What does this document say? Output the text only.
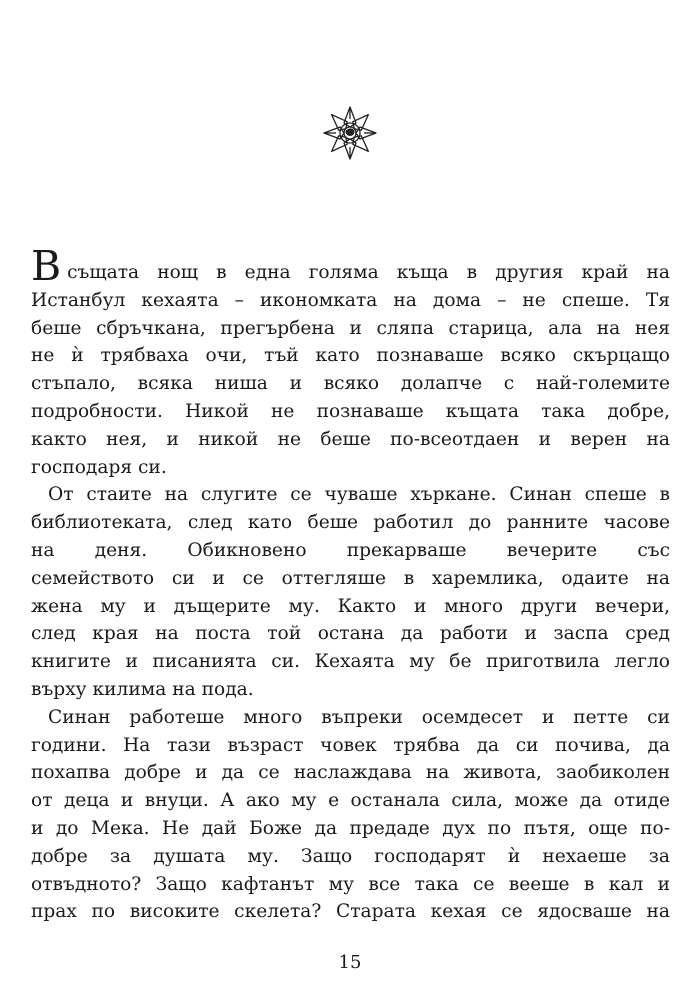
Всъщата нощ в една голяма къща в другия край на
Истанбул кехаята – икономката на дома – не спеше. Тя
беше сбръчкана, прегърбена и сляпа старица, ала на нея
не ѝ трябваха очи, тъй като познаваше всяко скърцащо
стъпало, всяка ниша и всяко долапче с най-големите
подробности. Никой не познаваше къщата така добре,
както нея, и никой не беше по-всеотдаен и верен на
господаря си.
От стаите на слугите се чуваше хъркане. Синан спеше в
библиотеката, след като беше работил до ранните часове
на деня. Обикновено прекарваше вечерите със
семейството си и се оттегляше в харемлика, одаите на
жена му и дъщерите му. Както и много други вечери,
след края на поста той остана да работи и заспа сред
книгите и писанията си. Кехаята му бе приготвила легло
върху килима на пода.
Синан работеше много въпреки осемдесет и петте си
години. На тази възраст човек трябва да си почива, да
похапва добре и да се наслаждава на живота, заобиколен
от деца и внуци. А ако му е останала сила, може да отиде
и до Мека. Не дай Боже да предаде дух по пътя, още по-
добре за душата му. Защо господарят ѝ нехаеше за
отвъдното? Защо кафтанът му все така се вееше в кал и
прах по високите скелета? Старата кехая се ядосваше на
15
